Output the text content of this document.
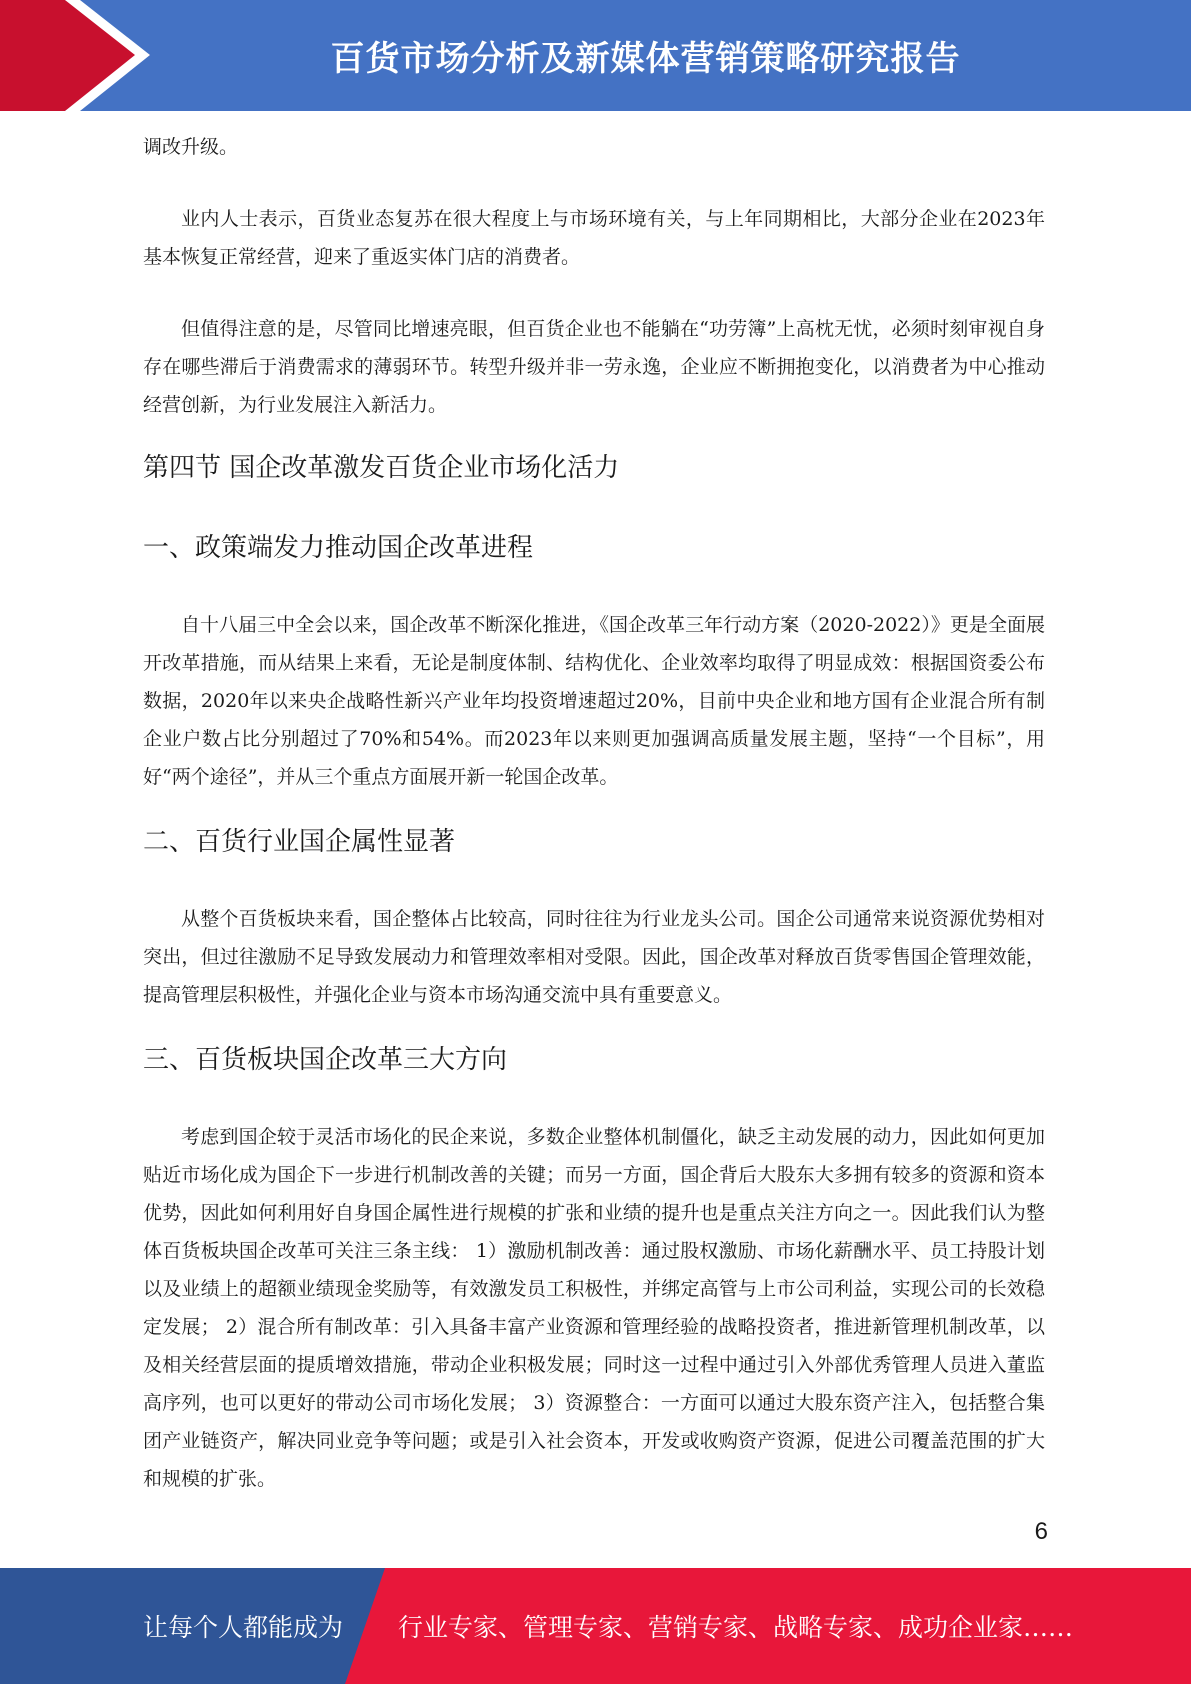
百货市场分析及新媒体营销策略研究报告

调改升级。

业内人士表示，百货业态复苏在很大程度上与市场环境有关，与上年同期相比，大部分企业在2023年基本恢复正常经营，迎来了重返实体门店的消费者。

但值得注意的是，尽管同比增速亮眼，但百货企业也不能躺在“功劳簿”上高枕无忧，必须时刻审视自身存在哪些滞后于消费需求的薄弱环节。转型升级并非一劳永逸，企业应不断拥抱变化，以消费者为中心推动经营创新，为行业发展注入新活力。

第四节 国企改革激发百货企业市场化活力
一、政策端发力推动国企改革进程

自十八届三中全会以来，国企改革不断深化推进，《国企改革三年行动方案（2020-2022）》更是全面展开改革措施，而从结果上来看，无论是制度体制、结构优化、企业效率均取得了明显成效：根据国资委公布数据，2020年以来央企战略性新兴产业年均投资增速超过20%，目前中央企业和地方国有企业混合所有制企业户数占比分别超过了70%和54%。而2023年以来则更加强调高质量发展主题，坚持“一个目标”，用好“两个途径”，并从三个重点方面展开新一轮国企改革。

二、百货行业国企属性显著

从整个百货板块来看，国企整体占比较高，同时往往为行业龙头公司。国企公司通常来说资源优势相对突出，但过往激励不足导致发展动力和管理效率相对受限。因此，国企改革对释放百货零售国企管理效能，提高管理层积极性，并强化企业与资本市场沟通交流中具有重要意义。

三、百货板块国企改革三大方向

考虑到国企较于灵活市场化的民企来说，多数企业整体机制僵化，缺乏主动发展的动力，因此如何更加贴近市场化成为国企下一步进行机制改善的关键；而另一方面，国企背后大股东大多拥有较多的资源和资本优势，因此如何利用好自身国企属性进行规模的扩张和业绩的提升也是重点关注方向之一。因此我们认为整体百货板块国企改革可关注三条主线： 1）激励机制改善：通过股权激励、市场化薪酬水平、员工持股计划以及业绩上的超额业绩现金奖励等，有效激发员工积极性，并绑定高管与上市公司利益，实现公司的长效稳定发展； 2）混合所有制改革：引入具备丰富产业资源和管理经验的战略投资者，推进新管理机制改革，以及相关经营层面的提质增效措施，带动企业积极发展；同时这一过程中通过引入外部优秀管理人员进入董监高序列，也可以更好的带动公司市场化发展； 3）资源整合：一方面可以通过大股东资产注入，包括整合集团产业链资产，解决同业竞争等问题；或是引入社会资本，开发或收购资产资源，促进公司覆盖范围的扩大和规模的扩张。

6
让每个人都能成为 行业专家、管理专家、营销专家、战略专家、成功企业家……
